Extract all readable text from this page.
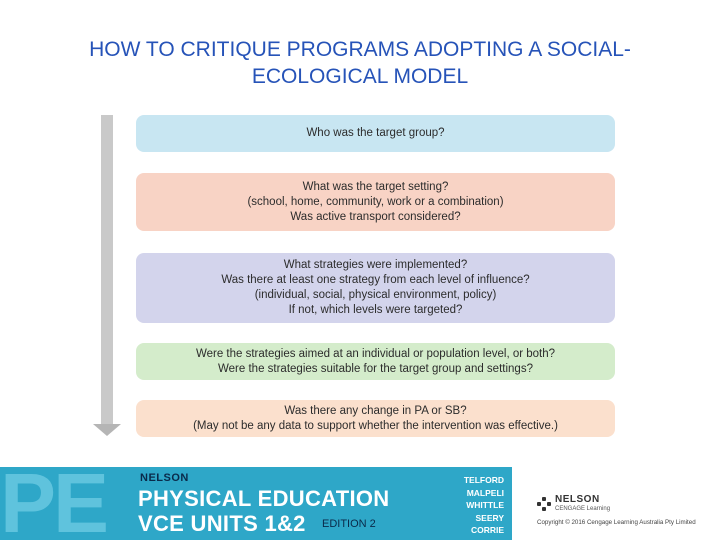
HOW TO CRITIQUE PROGRAMS ADOPTING A SOCIAL-
ECOLOGICAL MODEL
Who was the target group?
What was the target setting?
(school, home, community, work or a combination)
Was active transport considered?
What strategies were implemented?
Was there at least one strategy from each level of influence?
(individual, social, physical environment, policy)
If not, which levels were targeted?
Were the strategies aimed at an individual or population level, or both?
Were the strategies suitable for the target group and settings?
Was there any change in PA or SB?
(May not be any data to support whether the intervention was effective.)
PE	NELSON
PHYSICAL EDUCATION
VCE UNITS 1&2 EDITION 2
TELFORD
MALPELI
WHITTLE
SEERY
CORRIE
NELSON
CENGAGE Learning
Copyright © 2016 Cengage Learning Australia Pty Limited
